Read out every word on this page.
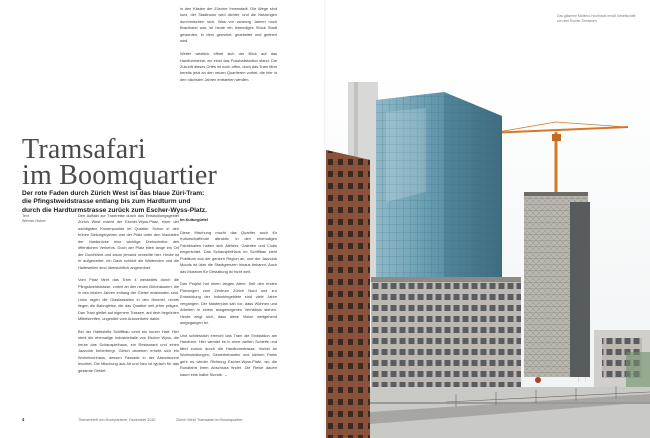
Tramsafari
im Boomquartier
Der rote Faden durch Zürich West ist das blaue Züri-Tram:
die Pfingstweidstrasse entlang bis zum Hardturm und
durch die Hardturmstrasse zurück zum Escher-Wyss-Platz.
Text
Werner Huber

Den Auftakt zur Tramreise durch das Entwicklungsgebiet Zürich West macht der Escher-Wyss-Platz, einer der wichtigsten Knotenpunkte im Quartier. Schon in den frühen Siebzigerjahren war der Platz unter den Viadukten der Hardbrücke eine wichtige Drehscheibe des öffentlichen Verkehrs. Doch der Platz blieb lange ein Ort der Durchfahrt und kaum jemand verweilte hier. Heute ist er aufgewertet, ein Dach schützt die Wartenden und die Haltestellen sind übersichtlich angeordnet.

Vom Platz fährt das Tram 4 westwärts durch die Pfingstweidstrasse, vorbei an den neuen Bürohäusern, die in den letzten Jahren entlang der Gleise entstanden sind. Links ragen die Glasfassaden in den Himmel, rechts liegen die Bahngleise, die das Quartier seit jeher prägen. Das Tram gleitet auf eigenem Trassee, auf dem begrünten Mittelstreifen, ungestört vom Autoverkehr dahin.

Bei der Haltestelle Schiffbau lohnt ein kurzer Halt: Hier steht die ehemalige Industriehalle von Escher Wyss, die heute das Schauspielhaus, ein Restaurant und einen Jazzclub beherbergt. Gleich daneben erhebt sich ein Wohnhochhaus, dessen Fassade in der Abendsonne leuchtet. Die Mischung aus Alt und Neu ist typisch für das gesamte Gebiet.

in den Kästen der Zürcher Innenstadt. Die Wege sind kurz, der Stadtraum wird dichter, und die Nutzungen durchmischen sich. Was vor zwanzig Jahren noch Brachland war, ist heute ein lebendiges Stück Stadt geworden, in dem gewohnt, gearbeitet und gefeiert wird.

Weiter westlich öffnet sich der Blick auf das Hardturmareal, wo einst das Fussballstadion stand. Die Zukunft dieses Ortes ist noch offen, doch das Tram fährt bereits jetzt an den neuen Quartieren vorbei, die hier in den nächsten Jahren entstehen werden.

Im Kulturgürtel

Diese Mischung macht das Quartier auch für Kulturschaffende attraktiv. In den ehemaligen Fabrikhallen haben sich Ateliers, Galerien und Clubs eingerichtet. Das Schauspielhaus im Schiffbau zieht Publikum aus der ganzen Region an, und der Jazzclub Moods ist über die Stadtgrenzen hinaus bekannt. Auch das Museum für Gestaltung ist nicht weit.

Das Projekt hat einen langen Atem: Seit den ersten Planungen zum Zentrum Zürich Nord und zur Entwicklung der Industriegebiete sind viele Jahre vergangen. Der Masterplan sah vor, dass Wohnen und Arbeiten in einem ausgewogenen Verhältnis stehen. Heute zeigt sich, dass diese Vision weitgehend aufgegangen ist.

Und schliesslich erreicht das Tram die Endstation am Hardturm. Hier wendet es in einer weiten Schleife und fährt zurück durch die Hardturmstrasse. Vorbei an Wohnsiedlungen, Gewerbebauten und kleinen Parks geht es wieder Richtung Escher-Wyss-Platz, wo die Rundfahrt ihren Abschluss findet. Die Reise dauert kaum eine halbe Stunde. →

4	Themenheft von Hochparterre, Dezember 2010	Zürich West Tramsafari im Boomquartier
Das gläserne Mobimo-Hochhaus erhält Gesellschaft von den Escher-Terrassen.
